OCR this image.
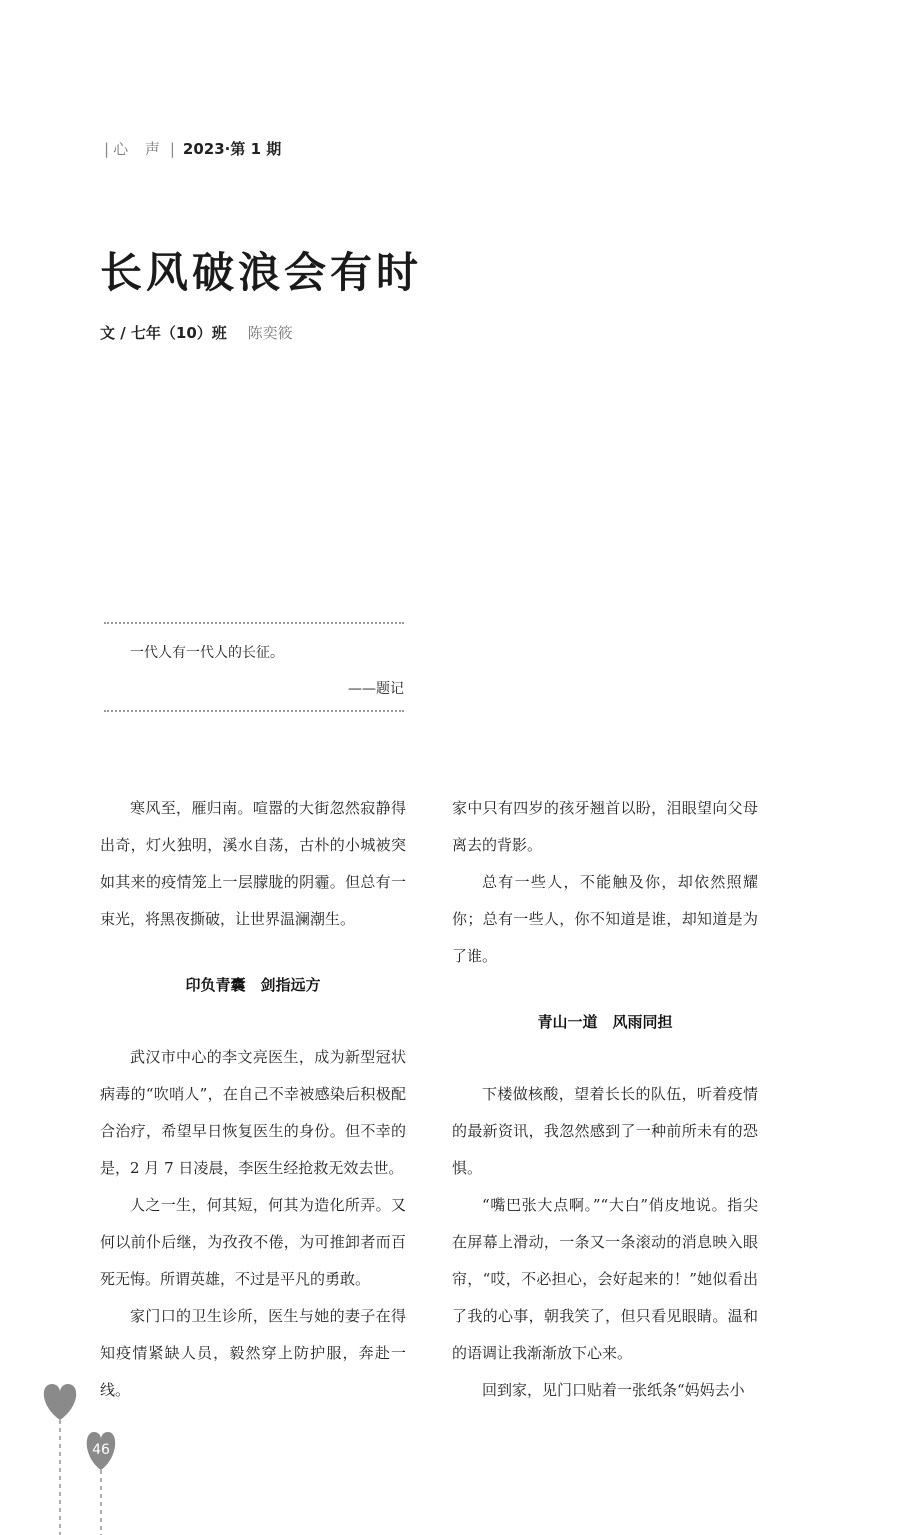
| 心 声 | 2023·第 1 期
长风破浪会有时
文 / 七年（10）班 陈奕筱
一代人有一代人的长征。
——题记

寒风至，雁归南。喧嚣的大街忽然寂静得出奇，灯火独明，溪水自荡，古朴的小城被突如其来的疫情笼上一层朦胧的阴霾。但总有一束光，将黑夜撕破，让世界温澜潮生。

印负青囊　剑指远方

武汉市中心的李文亮医生，成为新型冠状病毒的“吹哨人”，在自己不幸被感染后积极配合治疗，希望早日恢复医生的身份。但不幸的是，2 月 7 日凌晨，李医生经抢救无效去世。

人之一生，何其短，何其为造化所弄。又何以前仆后继，为孜孜不倦，为可推卸者而百死无悔。所谓英雄，不过是平凡的勇敢。

家门口的卫生诊所，医生与她的妻子在得知疫情紧缺人员，毅然穿上防护服，奔赴一线。

家中只有四岁的孩牙翘首以盼，泪眼望向父母离去的背影。

总有一些人，不能触及你，却依然照耀你；总有一些人，你不知道是谁，却知道是为了谁。

青山一道　风雨同担

下楼做核酸，望着长长的队伍，听着疫情的最新资讯，我忽然感到了一种前所未有的恐惧。

“嘴巴张大点啊。”“大白”俏皮地说。指尖在屏幕上滑动，一条又一条滚动的消息映入眼帘，“哎，不必担心，会好起来的！”她似看出了我的心事，朝我笑了，但只看见眼睛。温和的语调让我渐渐放下心来。

回到家，见门口贴着一张纸条“妈妈去小

46
